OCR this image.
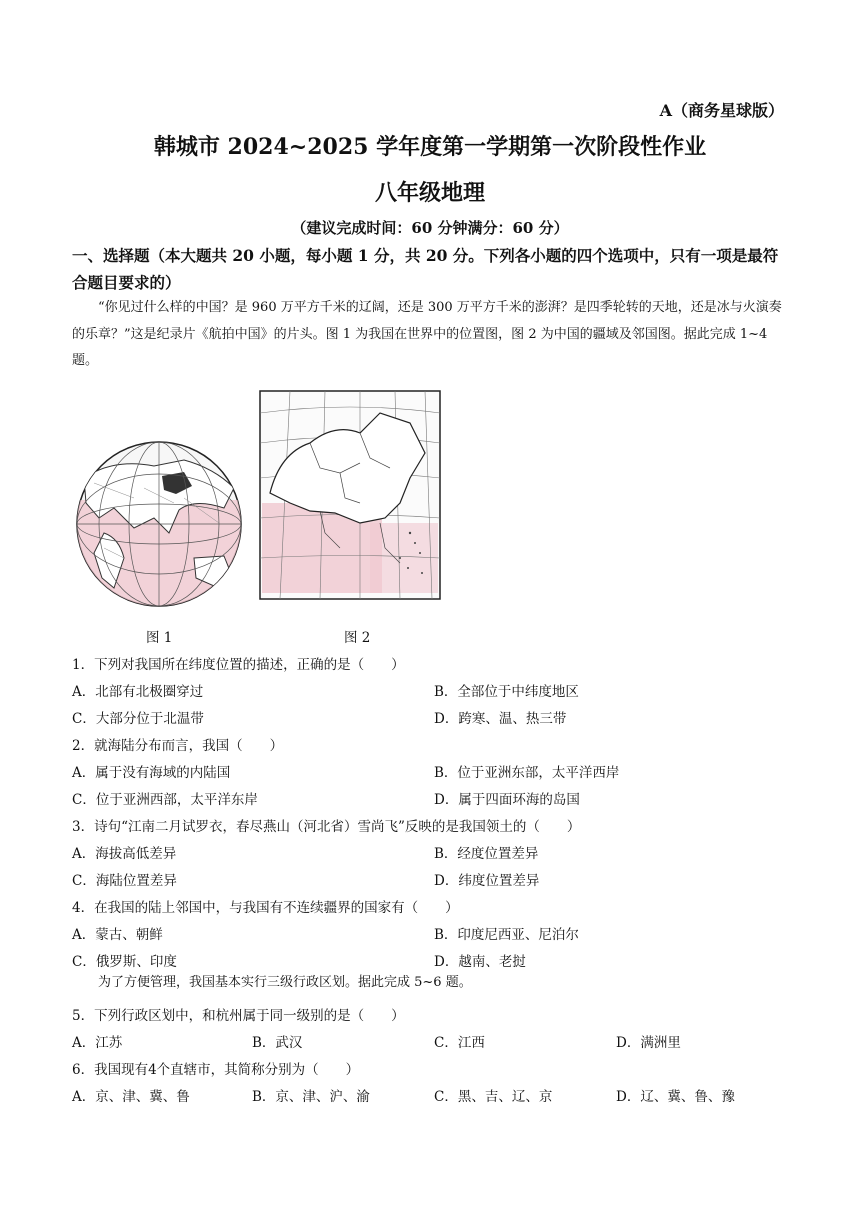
A（商务星球版）
韩城市 2024~2025 学年度第一学期第一次阶段性作业
八年级地理
（建议完成时间：60 分钟满分：60 分）
一、选择题（本大题共 20 小题，每小题 1 分，共 20 分。下列各小题的四个选项中，只有一项是最符合题目要求的）
“你见过什么样的中国？是 960 万平方千米的辽阔，还是 300 万平方千米的澎湃？是四季轮转的天地，还是冰与火演奏的乐章？”这是纪录片《航拍中国》的片头。图 1 为我国在世界中的位置图，图 2 为中国的疆域及邻国图。据此完成 1~4 题。
图 1	图 2
1．下列对我国所在纬度位置的描述，正确的是（　　）
A．北部有北极圈穿过	B．全部位于中纬度地区
C．大部分位于北温带	D．跨寒、温、热三带
2．就海陆分布而言，我国（　　）
A．属于没有海域的内陆国	B．位于亚洲东部，太平洋西岸
C．位于亚洲西部，太平洋东岸	D．属于四面环海的岛国
3．诗句“江南二月试罗衣，春尽燕山（河北省）雪尚飞”反映的是我国领土的（　　）
A．海拔高低差异	B．经度位置差异
C．海陆位置差异	D．纬度位置差异
4．在我国的陆上邻国中，与我国有不连续疆界的国家有（　　）
A．蒙古、朝鲜	B．印度尼西亚、尼泊尔
C．俄罗斯、印度	D．越南、老挝
为了方便管理，我国基本实行三级行政区划。据此完成 5~6 题。
5．下列行政区划中，和杭州属于同一级别的是（　　）
A．江苏	B．武汉	C．江西	D．满洲里
6．我国现有4个直辖市，其简称分别为（　　）
A．京、津、冀、鲁	B．京、津、沪、渝	C．黑、吉、辽、京	D．辽、冀、鲁、豫
